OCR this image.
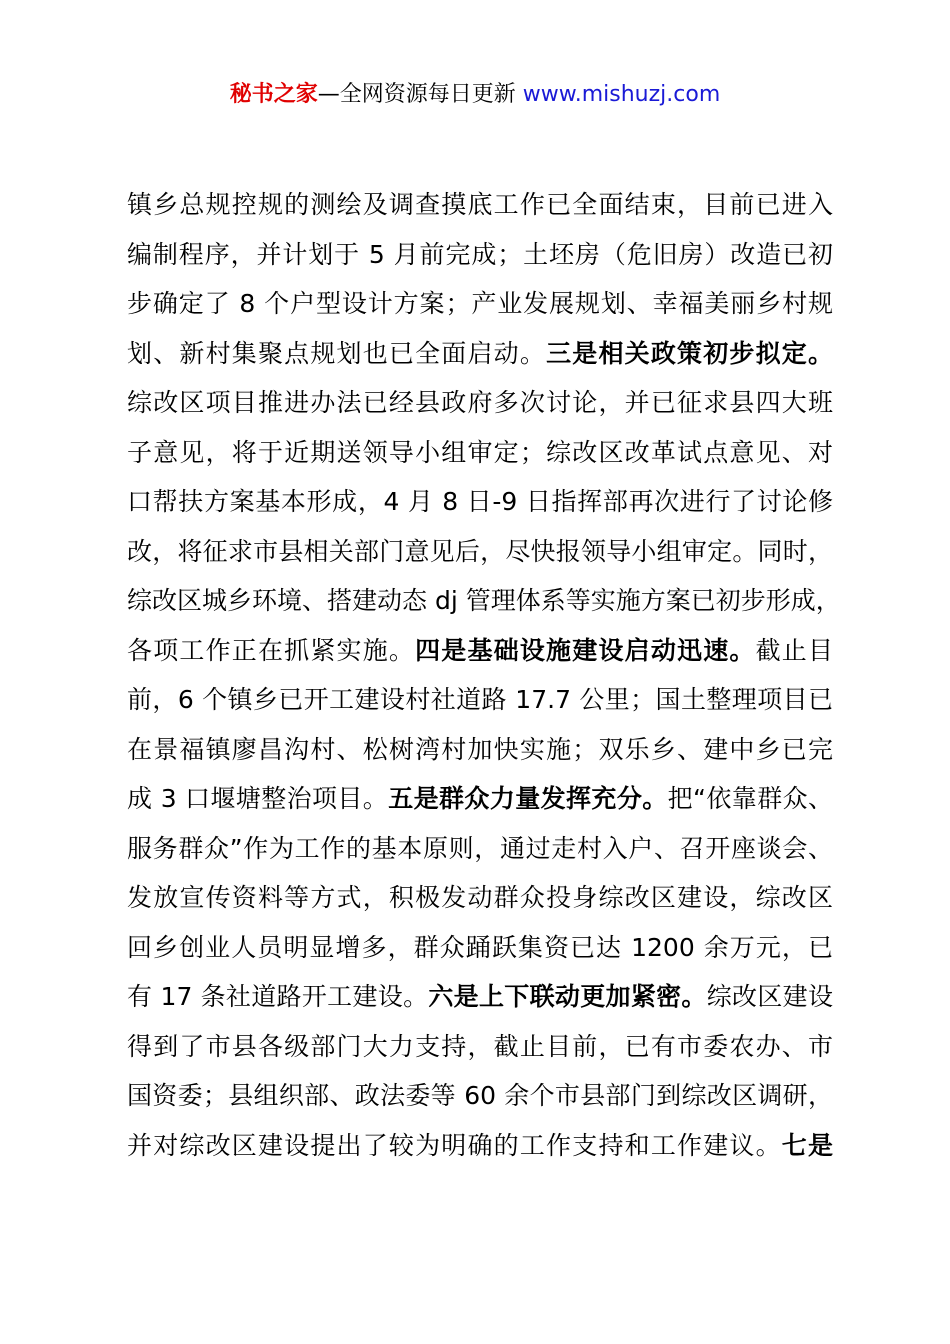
秘书之家—全网资源每日更新 www.mishuzj.com
镇乡总规控规的测绘及调查摸底工作已全面结束，目前已进入
编制程序，并计划于 5 月前完成；土坯房（危旧房）改造已初
步确定了 8 个户型设计方案；产业发展规划、幸福美丽乡村规
划、新村集聚点规划也已全面启动。三是相关政策初步拟定。
综改区项目推进办法已经县政府多次讨论，并已征求县四大班
子意见，将于近期送领导小组审定；综改区改革试点意见、对
口帮扶方案基本形成，4 月 8 日-9 日指挥部再次进行了讨论修
改，将征求市县相关部门意见后，尽快报领导小组审定。同时，
综改区城乡环境、搭建动态 dj 管理体系等实施方案已初步形成，
各项工作正在抓紧实施。四是基础设施建设启动迅速。截止目
前，6 个镇乡已开工建设村社道路 17.7 公里；国土整理项目已
在景福镇廖昌沟村、松树湾村加快实施；双乐乡、建中乡已完
成 3 口堰塘整治项目。五是群众力量发挥充分。把“依靠群众、
服务群众”作为工作的基本原则，通过走村入户、召开座谈会、
发放宣传资料等方式，积极发动群众投身综改区建设，综改区
回乡创业人员明显增多，群众踊跃集资已达 1200 余万元，已
有 17 条社道路开工建设。六是上下联动更加紧密。综改区建设
得到了市县各级部门大力支持，截止目前，已有市委农办、市
国资委；县组织部、政法委等 60 余个市县部门到综改区调研，
并对综改区建设提出了较为明确的工作支持和工作建议。七是
